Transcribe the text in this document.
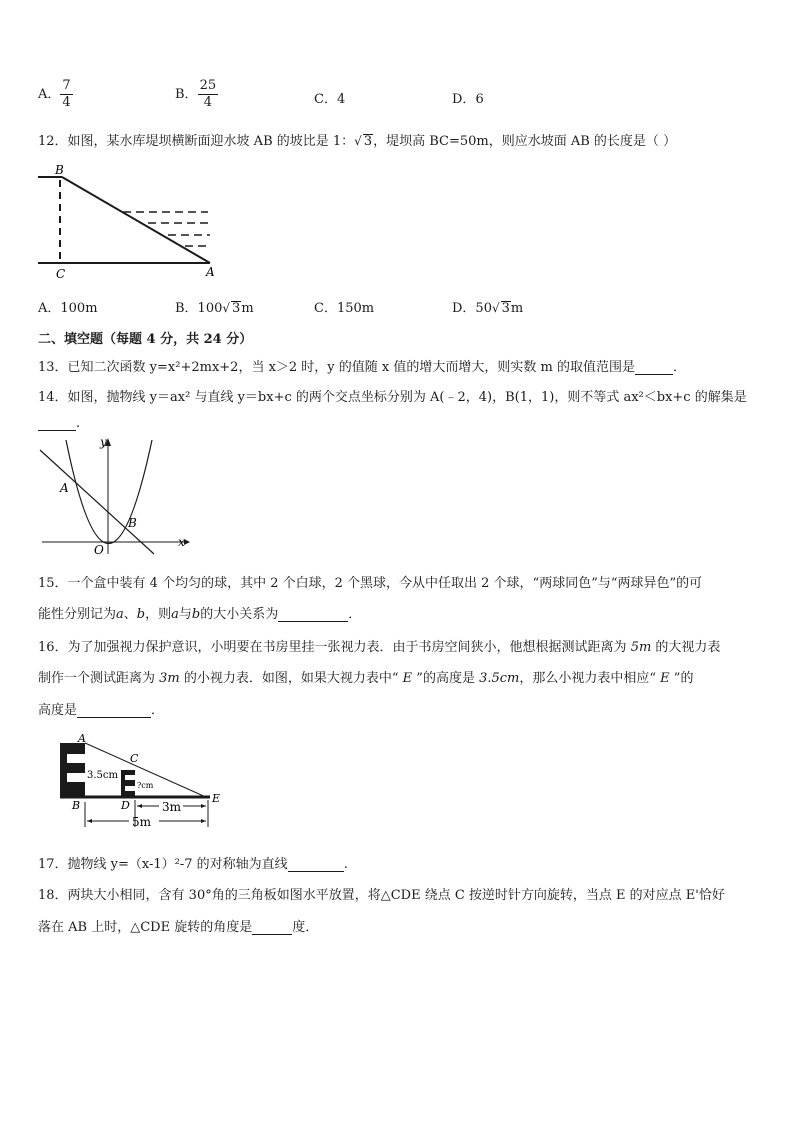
A． $\frac{7}{4}$	B． $\frac{25}{4}$	C．4	D．6
12．如图，某水库堤坝横断面迎水坡 AB 的坡比是 1：√ 3，堤坝高 BC=50m，则应水坡面 AB 的长度是（ ）
B
C	A
A．100m	B．100√ 3m	C．150m	D．50√ 3m
二、填空题（每题 4 分，共 24 分）
13．已知二次函数 y=x²+2mx+2，当 x＞2 时，y 的值随 x 值的增大而增大，则实数 m 的取值范围是	．
14．如图，抛物线 y＝ax² 与直线 y＝bx+c 的两个交点坐标分别为 A(﹣2，4)，B(1，1)，则不等式 ax²＜bx+c 的解集是
.
y
x
O
A
B
15．一个盒中装有 4 个均匀的球，其中 2 个白球，2 个黑球，今从中任取出 2 个球，“两球同色”与“两球异色”的可
能性分别记为a、b，则a与b的大小关系为	．
16．为了加强视力保护意识，小明要在书房里挂一张视力表．由于书房空间狭小，他想根据测试距离为 5m 的大视力表
制作一个测试距离为 3m 的小视力表．如图，如果大视力表中“ E ”的高度是 3.5cm，那么小视力表中相应“ E ”的
高度是	．
A
B
C
D
E
3.5cm
?cm
3m
5m
17．抛物线 y=（x-1）²-7 的对称轴为直线	.
18．两块大小相同，含有 30°角的三角板如图水平放置，将△CDE 绕点 C 按逆时针方向旋转，当点 E 的对应点 E'恰好
落在 AB 上时，△CDE 旋转的角度是	度．
